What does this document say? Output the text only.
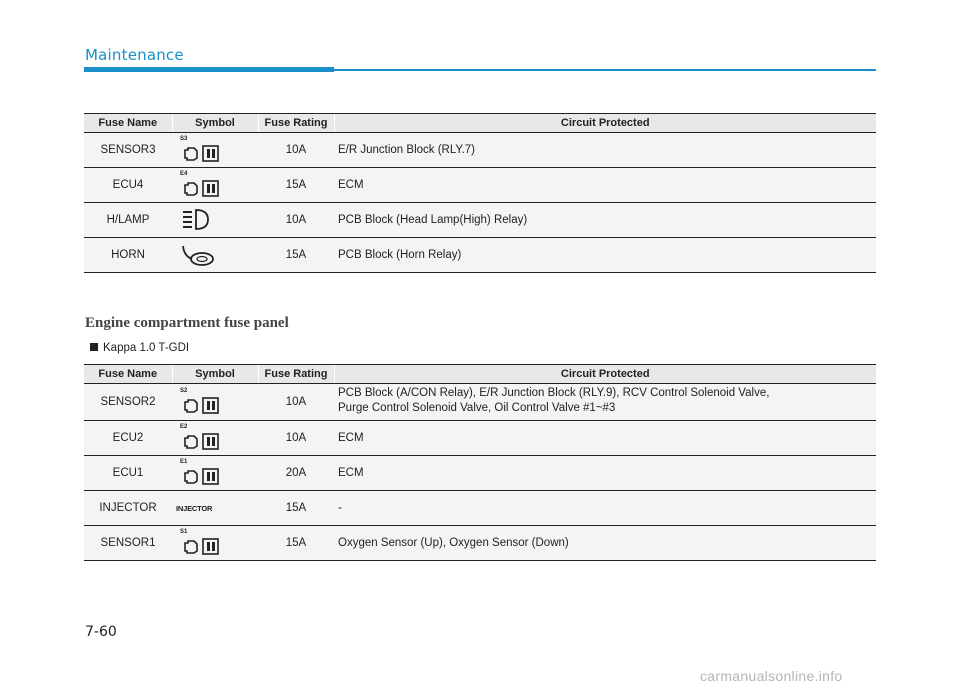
Maintenance
Fuse Name	Symbol	Fuse Rating	Circuit Protected
SENSOR3	S3	10A	E/R Junction Block (RLY.7)
ECU4	E4	15A	ECM
H/LAMP		10A	PCB Block (Head Lamp(High) Relay)
HORN		15A	PCB Block (Horn Relay)
Engine compartment fuse panel
Kappa 1.0 T-GDI
Fuse Name	Symbol	Fuse Rating	Circuit Protected
SENSOR2	S2	10A	PCB Block (A/CON Relay), E/R Junction Block (RLY.9), RCV Control Solenoid Valve,
Purge Control Solenoid Valve, Oil Control Valve #1~#3

ECU2	E2	10A	ECM
ECU1	E1	20A	ECM
INJECTOR	INJECTOR	15A	-
SENSOR1	S1	15A	Oxygen Sensor (Up), Oxygen Sensor (Down)
7-60
carmanualsonline.info
